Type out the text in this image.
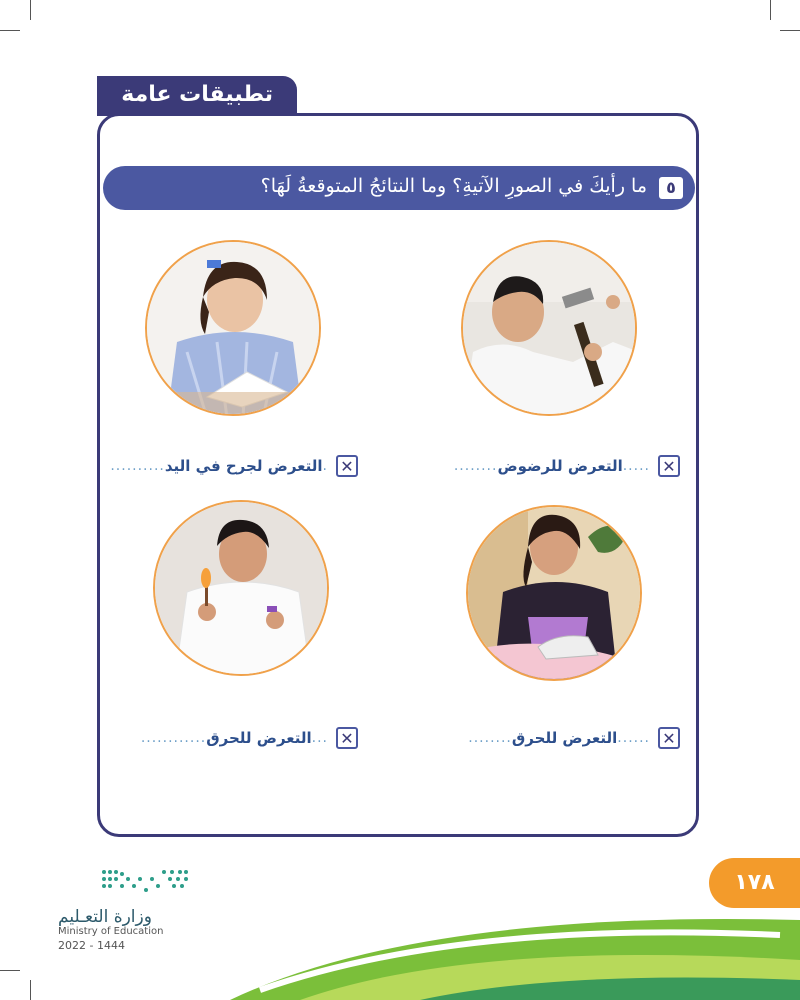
تطبيقات عامة
٥
ما رأيكَ في الصورِ الآتيةِ؟ وما النتائجُ المتوقعةُ لَهَا؟
✕
.....
التعرض للرضوض
........
✕
.
التعرض لجرح في اليد
..........
✕
......
التعرض للحرق
........
✕
...
التعرض للحرق
............
١٧٨
وزارة التعـليم
Ministry of Education
2022 - 1444
